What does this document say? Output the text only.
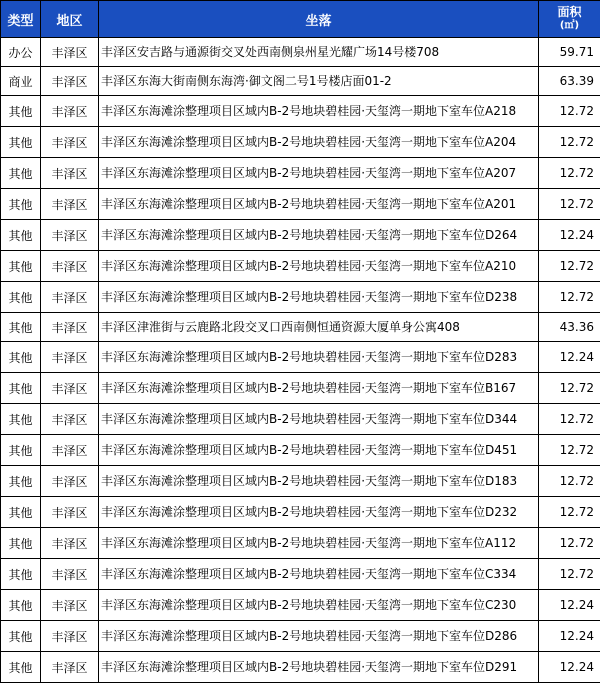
类型	地区	坐落	面积
(㎡)

办公	丰泽区	丰泽区安吉路与通源街交叉处西南侧泉州星光耀广场14号楼708	59.71
商业	丰泽区	丰泽区东海大街南侧东海湾·御文阁二号1号楼店面01-2	63.39
其他	丰泽区	丰泽区东海滩涂整理项目区域内B-2号地块碧桂园·天玺湾一期地下室车位A218	12.72
其他	丰泽区	丰泽区东海滩涂整理项目区域内B-2号地块碧桂园·天玺湾一期地下室车位A204	12.72
其他	丰泽区	丰泽区东海滩涂整理项目区域内B-2号地块碧桂园·天玺湾一期地下室车位A207	12.72
其他	丰泽区	丰泽区东海滩涂整理项目区域内B-2号地块碧桂园·天玺湾一期地下室车位A201	12.72
其他	丰泽区	丰泽区东海滩涂整理项目区域内B-2号地块碧桂园·天玺湾一期地下室车位D264	12.24
其他	丰泽区	丰泽区东海滩涂整理项目区域内B-2号地块碧桂园·天玺湾一期地下室车位A210	12.72
其他	丰泽区	丰泽区东海滩涂整理项目区域内B-2号地块碧桂园·天玺湾一期地下室车位D238	12.72
其他	丰泽区	丰泽区津淮街与云鹿路北段交叉口西南侧恒通资源大厦单身公寓408	43.36
其他	丰泽区	丰泽区东海滩涂整理项目区域内B-2号地块碧桂园·天玺湾一期地下室车位D283	12.24
其他	丰泽区	丰泽区东海滩涂整理项目区域内B-2号地块碧桂园·天玺湾一期地下室车位B167	12.72
其他	丰泽区	丰泽区东海滩涂整理项目区域内B-2号地块碧桂园·天玺湾一期地下室车位D344	12.72
其他	丰泽区	丰泽区东海滩涂整理项目区域内B-2号地块碧桂园·天玺湾一期地下室车位D451	12.72
其他	丰泽区	丰泽区东海滩涂整理项目区域内B-2号地块碧桂园·天玺湾一期地下室车位D183	12.72
其他	丰泽区	丰泽区东海滩涂整理项目区域内B-2号地块碧桂园·天玺湾一期地下室车位D232	12.72
其他	丰泽区	丰泽区东海滩涂整理项目区域内B-2号地块碧桂园·天玺湾一期地下室车位A112	12.72
其他	丰泽区	丰泽区东海滩涂整理项目区域内B-2号地块碧桂园·天玺湾一期地下室车位C334	12.72
其他	丰泽区	丰泽区东海滩涂整理项目区域内B-2号地块碧桂园·天玺湾一期地下室车位C230	12.24
其他	丰泽区	丰泽区东海滩涂整理项目区域内B-2号地块碧桂园·天玺湾一期地下室车位D286	12.24
其他	丰泽区	丰泽区东海滩涂整理项目区域内B-2号地块碧桂园·天玺湾一期地下室车位D291	12.24
